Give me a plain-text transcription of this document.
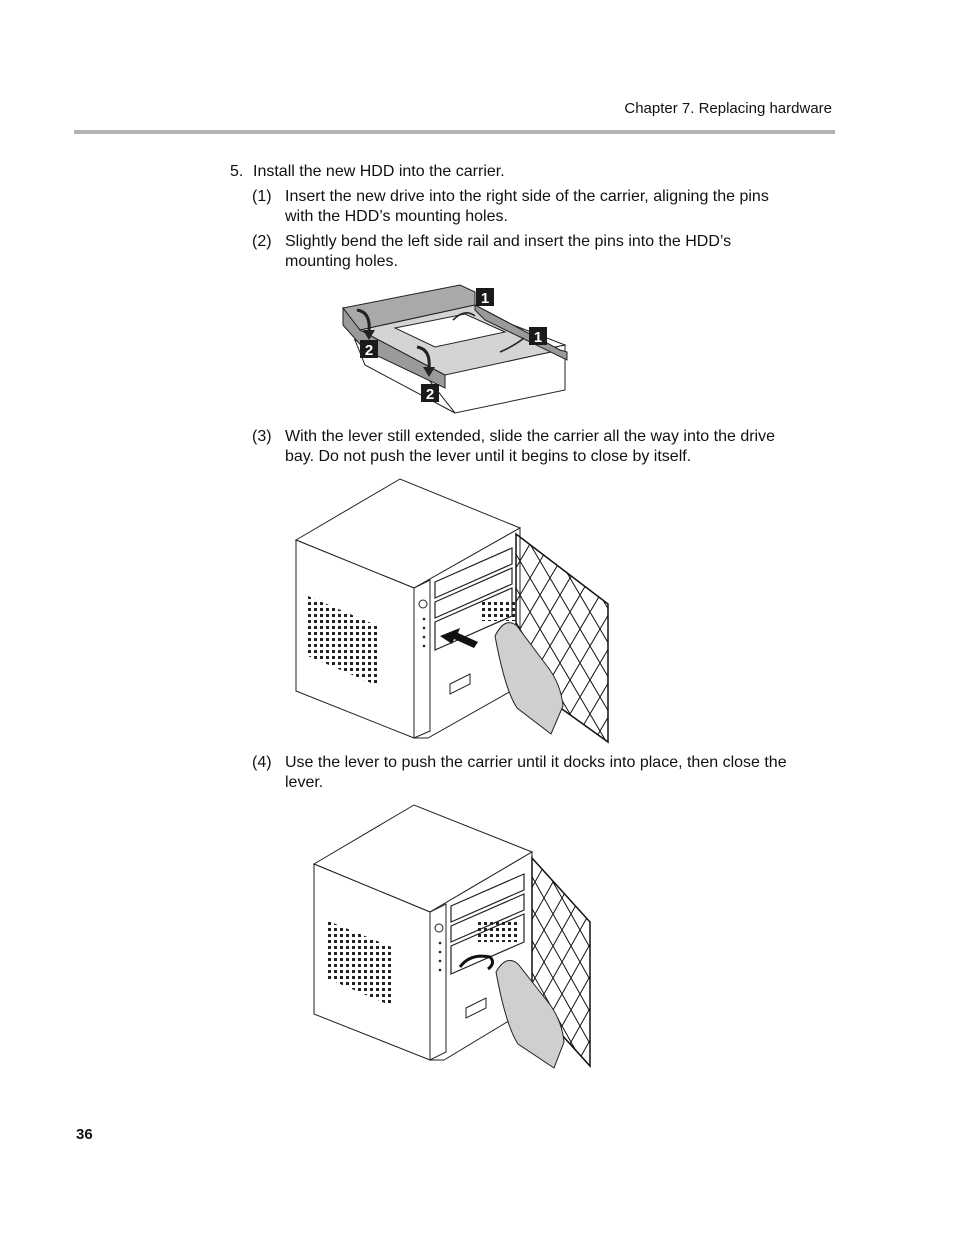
Chapter 7. Replacing hardware
5. Install the new HDD into the carrier.
(1) Insert the new drive into the right side of the carrier, aligning the pins
with the HDD’s mounting holes.
(2) Slightly bend the left side rail and insert the pins into the HDD’s
mounting holes.
1
1
2
2
(3) With the lever still extended, slide the carrier all the way into the drive
bay. Do not push the lever until it begins to close by itself.
(4) Use the lever to push the carrier until it docks into place, then close the
lever.
36
